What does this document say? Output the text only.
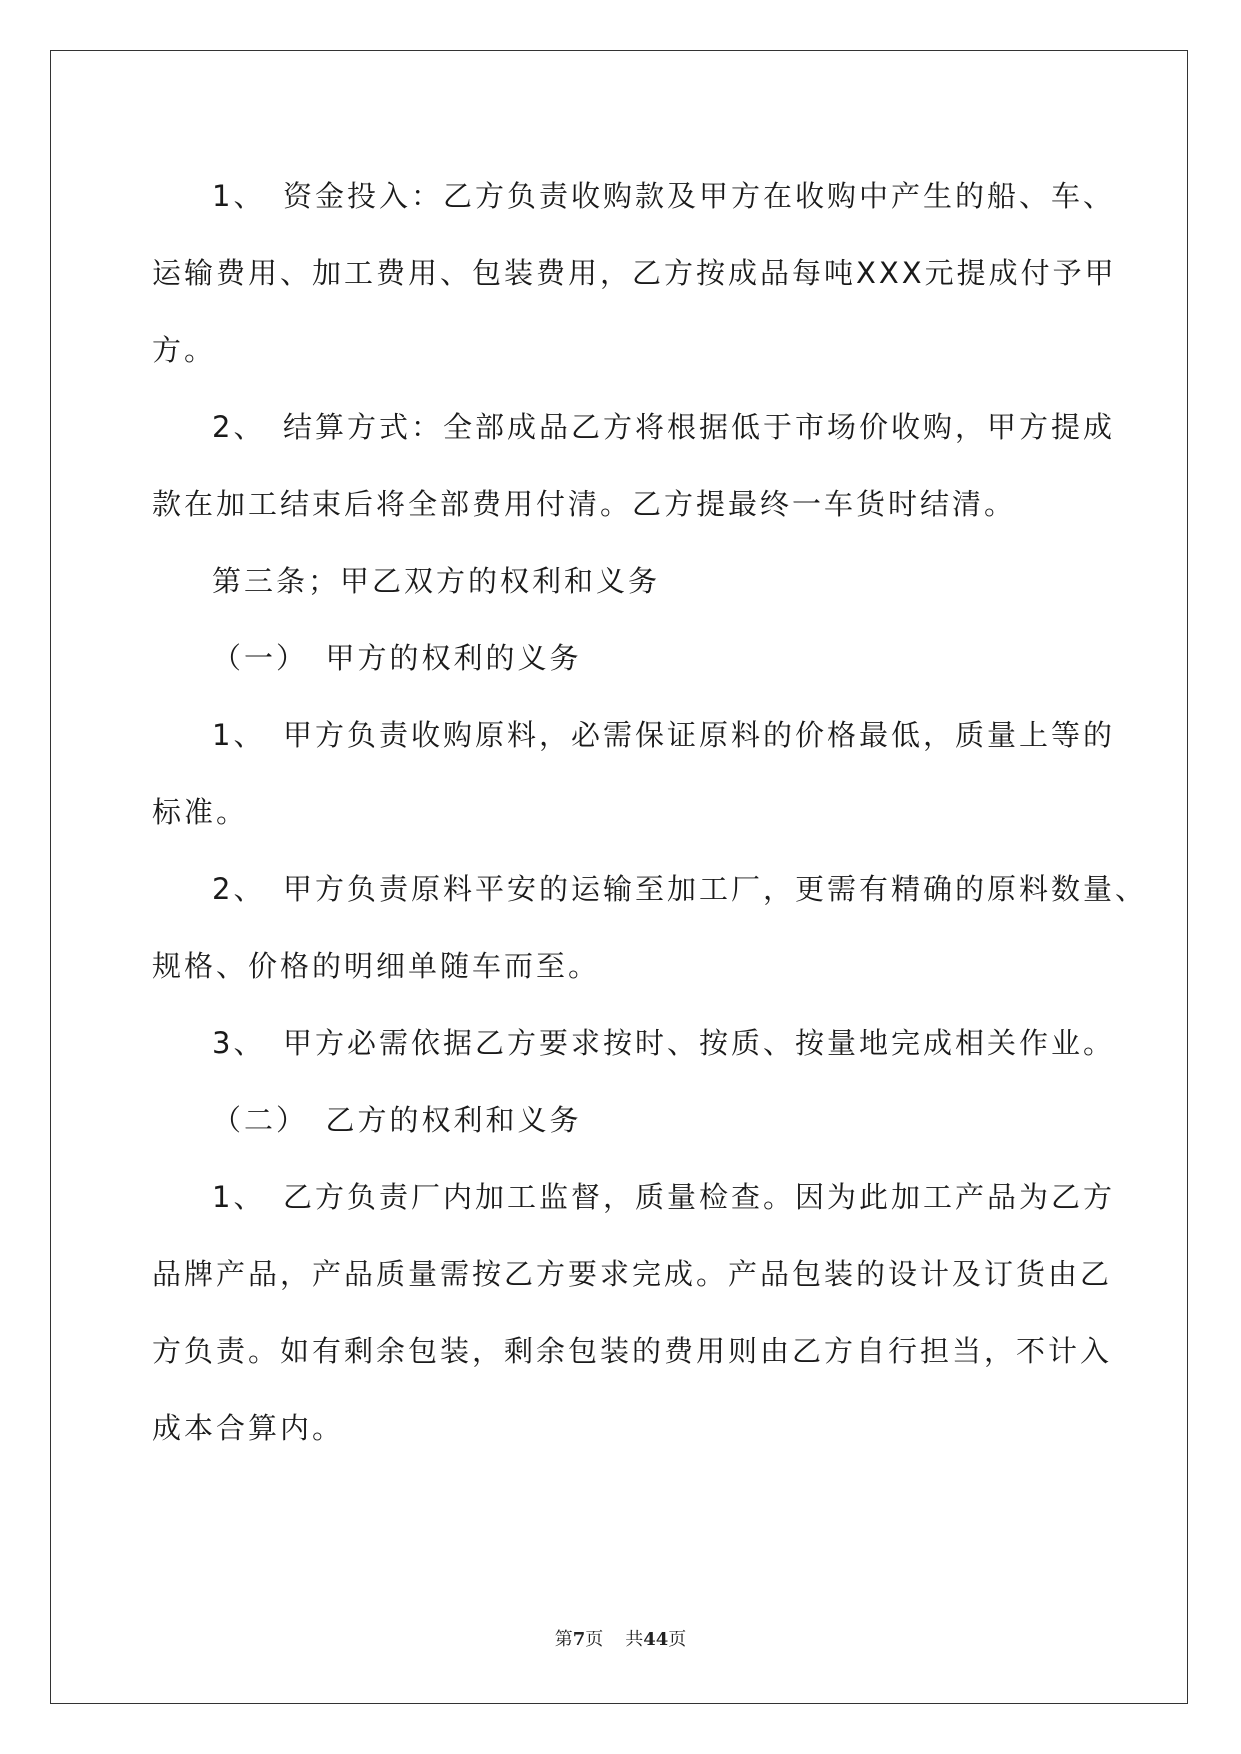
1、　资金投入：乙方负责收购款及甲方在收购中产生的船、车、

运输费用、加工费用、包装费用，乙方按成品每吨XXX元提成付予甲

方。

2、　结算方式：全部成品乙方将根据低于市场价收购，甲方提成

款在加工结束后将全部费用付清。乙方提最终一车货时结清。

第三条；甲乙双方的权利和义务

（一）　甲方的权利的义务

1、　甲方负责收购原料，必需保证原料的价格最低，质量上等的

标准。

2、　甲方负责原料平安的运输至加工厂，更需有精确的原料数量、

规格、价格的明细单随车而至。

3、　甲方必需依据乙方要求按时、按质、按量地完成相关作业。

（二）　乙方的权利和义务

1、　乙方负责厂内加工监督，质量检查。因为此加工产品为乙方

品牌产品，产品质量需按乙方要求完成。产品包装的设计及订货由乙

方负责。如有剩余包装，剩余包装的费用则由乙方自行担当，不计入

成本合算内。

第7页 共44页
